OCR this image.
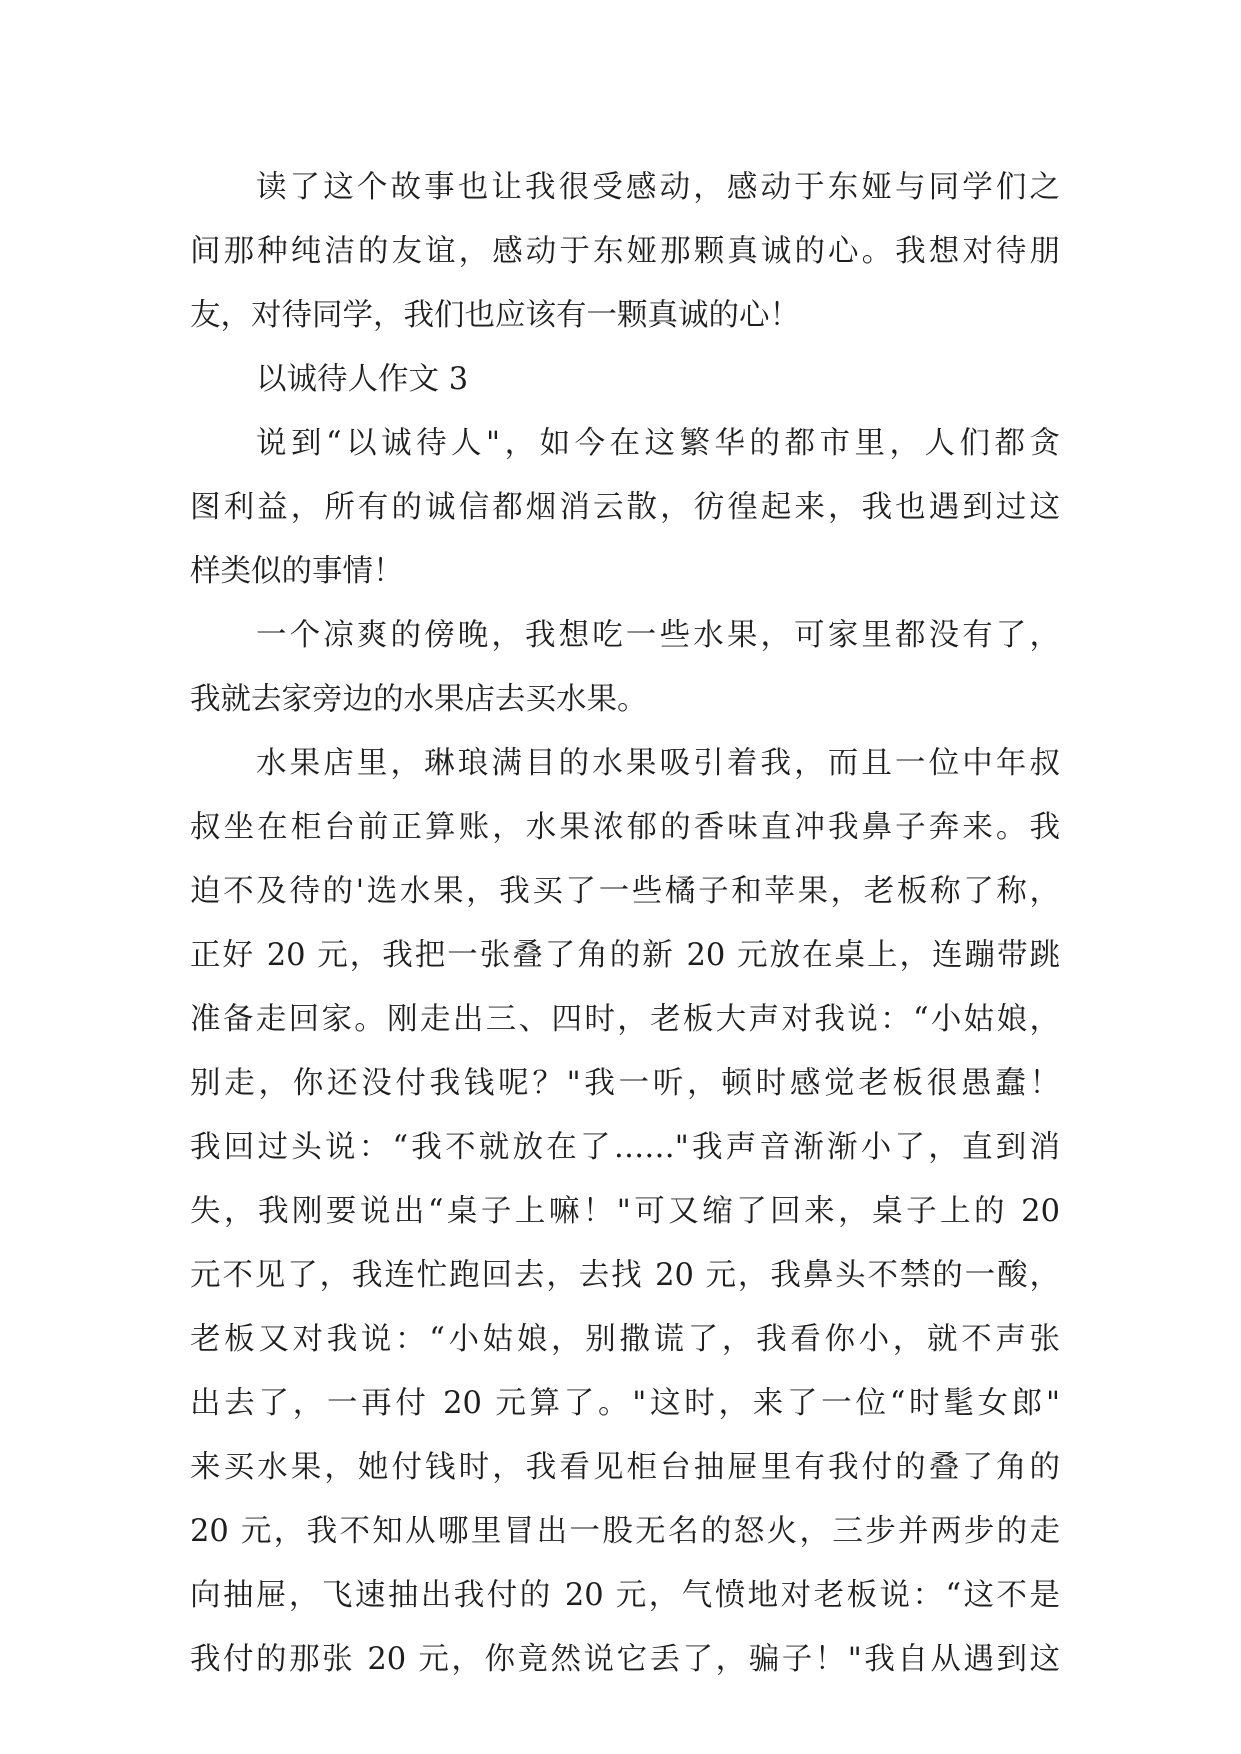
读了这个故事也让我很受感动，感动于东娅与同学们之
间那种纯洁的友谊，感动于东娅那颗真诚的心。我想对待朋
友，对待同学，我们也应该有一颗真诚的心！
以诚待人作文 3
说到“以诚待人"，如今在这繁华的都市里，人们都贪
图利益，所有的诚信都烟消云散，彷徨起来，我也遇到过这
样类似的事情！
一个凉爽的傍晚，我想吃一些水果，可家里都没有了，
我就去家旁边的水果店去买水果。
水果店里，琳琅满目的水果吸引着我，而且一位中年叔
叔坐在柜台前正算账，水果浓郁的香味直冲我鼻子奔来。我
迫不及待的'选水果，我买了一些橘子和苹果，老板称了称，
正好 20 元，我把一张叠了角的新 20 元放在桌上，连蹦带跳
准备走回家。刚走出三、四时，老板大声对我说：“小姑娘，
别走，你还没付我钱呢？"我一听，顿时感觉老板很愚蠢！
我回过头说：“我不就放在了……"我声音渐渐小了，直到消
失，我刚要说出“桌子上嘛！"可又缩了回来，桌子上的 20
元不见了，我连忙跑回去，去找 20 元，我鼻头不禁的一酸，
老板又对我说：“小姑娘，别撒谎了，我看你小，就不声张
出去了，一再付 20 元算了。"这时，来了一位“时髦女郎"
来买水果，她付钱时，我看见柜台抽屉里有我付的叠了角的
20 元，我不知从哪里冒出一股无名的怒火，三步并两步的走
向抽屉，飞速抽出我付的 20 元，气愤地对老板说：“这不是
我付的那张 20 元，你竟然说它丢了，骗子！"我自从遇到这
